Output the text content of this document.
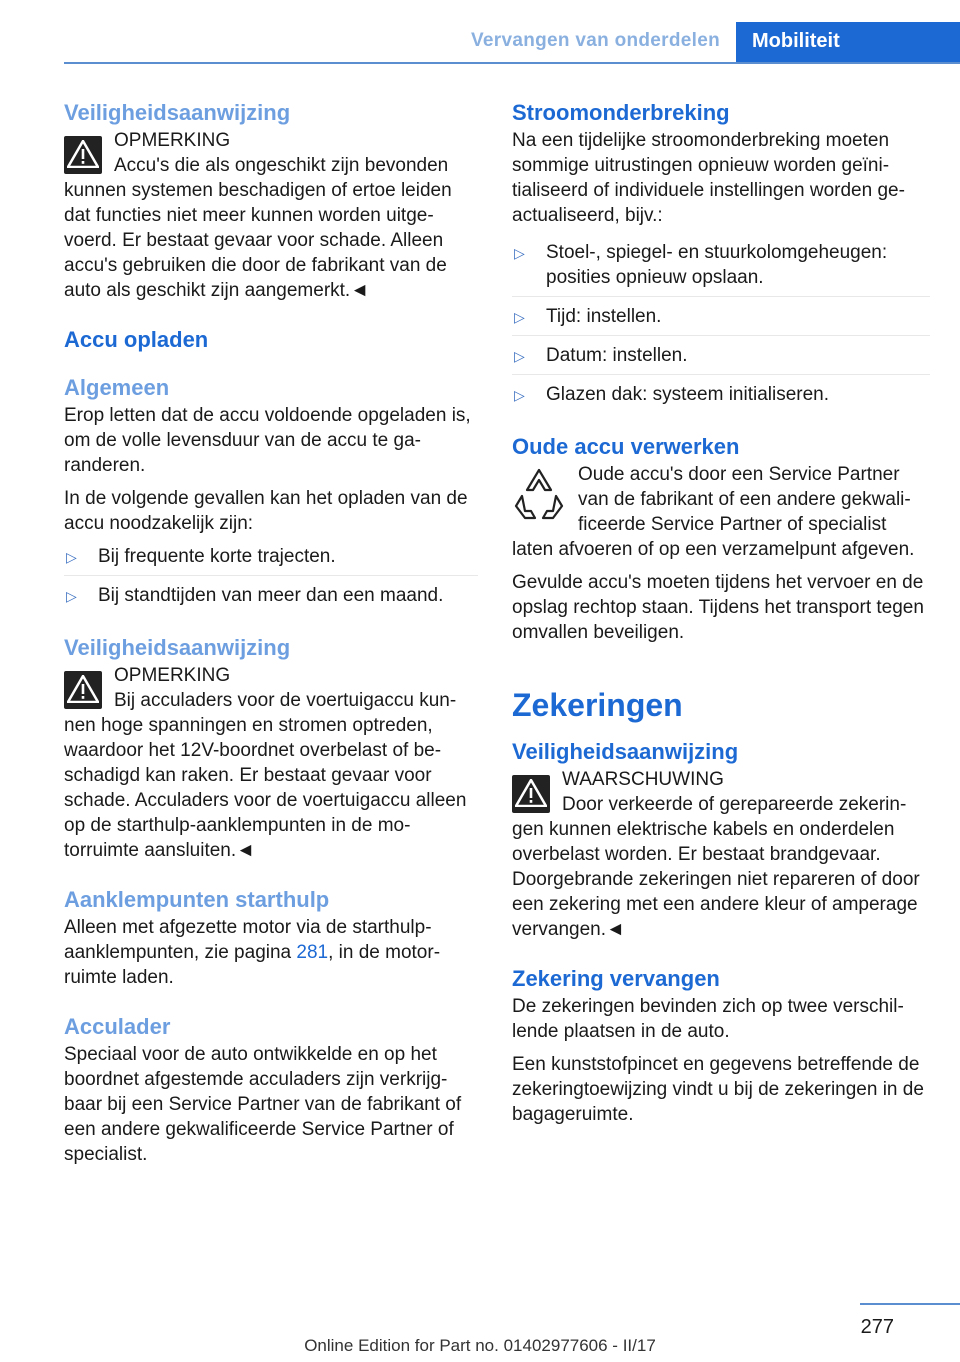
Vervangen van onderdelen	Mobiliteit
Veiligheidsaanwijzing
OPMERKING

Accu's die als ongeschikt zijn bevonden kunnen systemen beschadigen of ertoe leiden dat functies niet meer kunnen worden uitgevoerd. Er bestaat gevaar voor schade. Alleen accu's gebruiken die door de fabrikant van de auto als geschikt zijn aangemerkt.◄

Accu opladen
Algemeen

Erop letten dat de accu voldoende opgeladen is, om de volle levensduur van de accu te garanderen.

In de volgende gevallen kan het opladen van de accu noodzakelijk zijn:

▷ Bij frequente korte trajecten.
▷ Bij standtijden van meer dan een maand.
Veiligheidsaanwijzing
OPMERKING

Bij acculaders voor de voertuigaccu kunnen hoge spanningen en stromen optreden, waardoor het 12V-boordnet overbelast of beschadigd kan raken. Er bestaat gevaar voor schade. Acculaders voor de voertuigaccu alleen op de starthulp-aanklempunten in de motorruimte aansluiten.◄

Aanklempunten starthulp

Alleen met afgezette motor via de starthulp-aanklempunten, zie pagina 281, in de motorruimte laden.

Acculader

Speciaal voor de auto ontwikkelde en op het boordnet afgestemde acculaders zijn verkrijgbaar bij een Service Partner van de fabrikant of een andere gekwalificeerde Service Partner of specialist.

Stroomonderbreking

Na een tijdelijke stroomonderbreking moeten sommige uitrustingen opnieuw worden geïnitialiseerd of individuele instellingen worden geactualiseerd, bijv.:

▷ Stoel-, spiegel- en stuurkolomgeheugen: posities opnieuw opslaan.
▷ Tijd: instellen.
▷ Datum: instellen.
▷ Glazen dak: systeem initialiseren.
Oude accu verwerken

Oude accu's door een Service Partner van de fabrikant of een andere gekwalificeerde Service Partner of specialist laten afvoeren of op een verzamelpunt afgeven.

Gevulde accu's moeten tijdens het vervoer en de opslag rechtop staan. Tijdens het transport tegen omvallen beveiligen.

Zekeringen
Veiligheidsaanwijzing
WAARSCHUWING

Door verkeerde of gerepareerde zekeringen kunnen elektrische kabels en onderdelen overbelast worden. Er bestaat brandgevaar. Doorgebrande zekeringen niet repareren of door een zekering met een andere kleur of amperage vervangen.◄

Zekering vervangen

De zekeringen bevinden zich op twee verschillende plaatsen in de auto.

Een kunststofpincet en gegevens betreffende de zekeringtoewijzing vindt u bij de zekeringen in de bagageruimte.

277
Online Edition for Part no. 01402977606 - II/17
